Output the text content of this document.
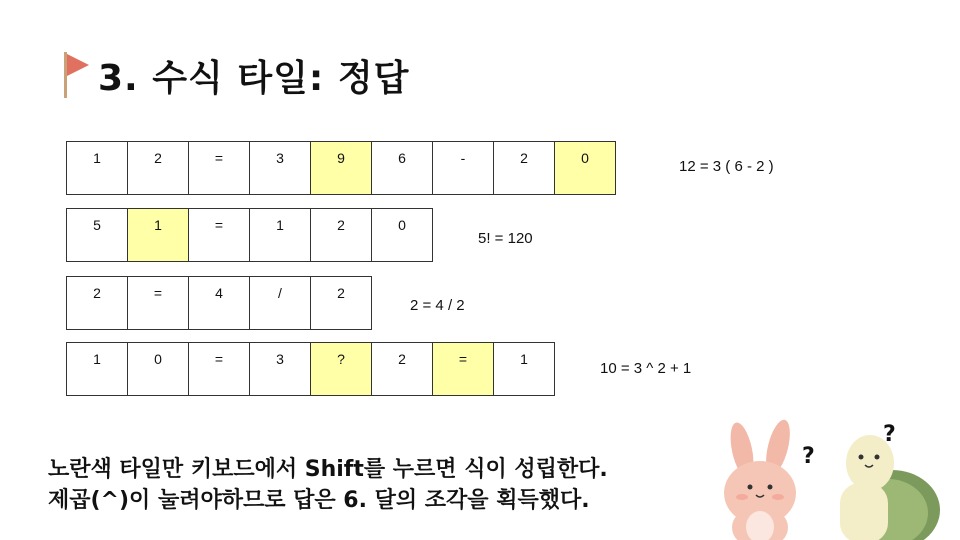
3. 수식 타일: 정답
1	2	=	3	9	6	-	2	0	12 = 3 ( 6 - 2 )
5	1	=	1	2	0
5! = 120
2	=	4	/	2
2 = 4 / 2
1	0	=	3	?	2	=	1
10 = 3 ^ 2 + 1
노란색 타일만 키보드에서 Shift를 누르면 식이 성립한다.
제곱(^)이 눌려야하므로 답은 6. 달의 조각을 획득했다.
?
?
